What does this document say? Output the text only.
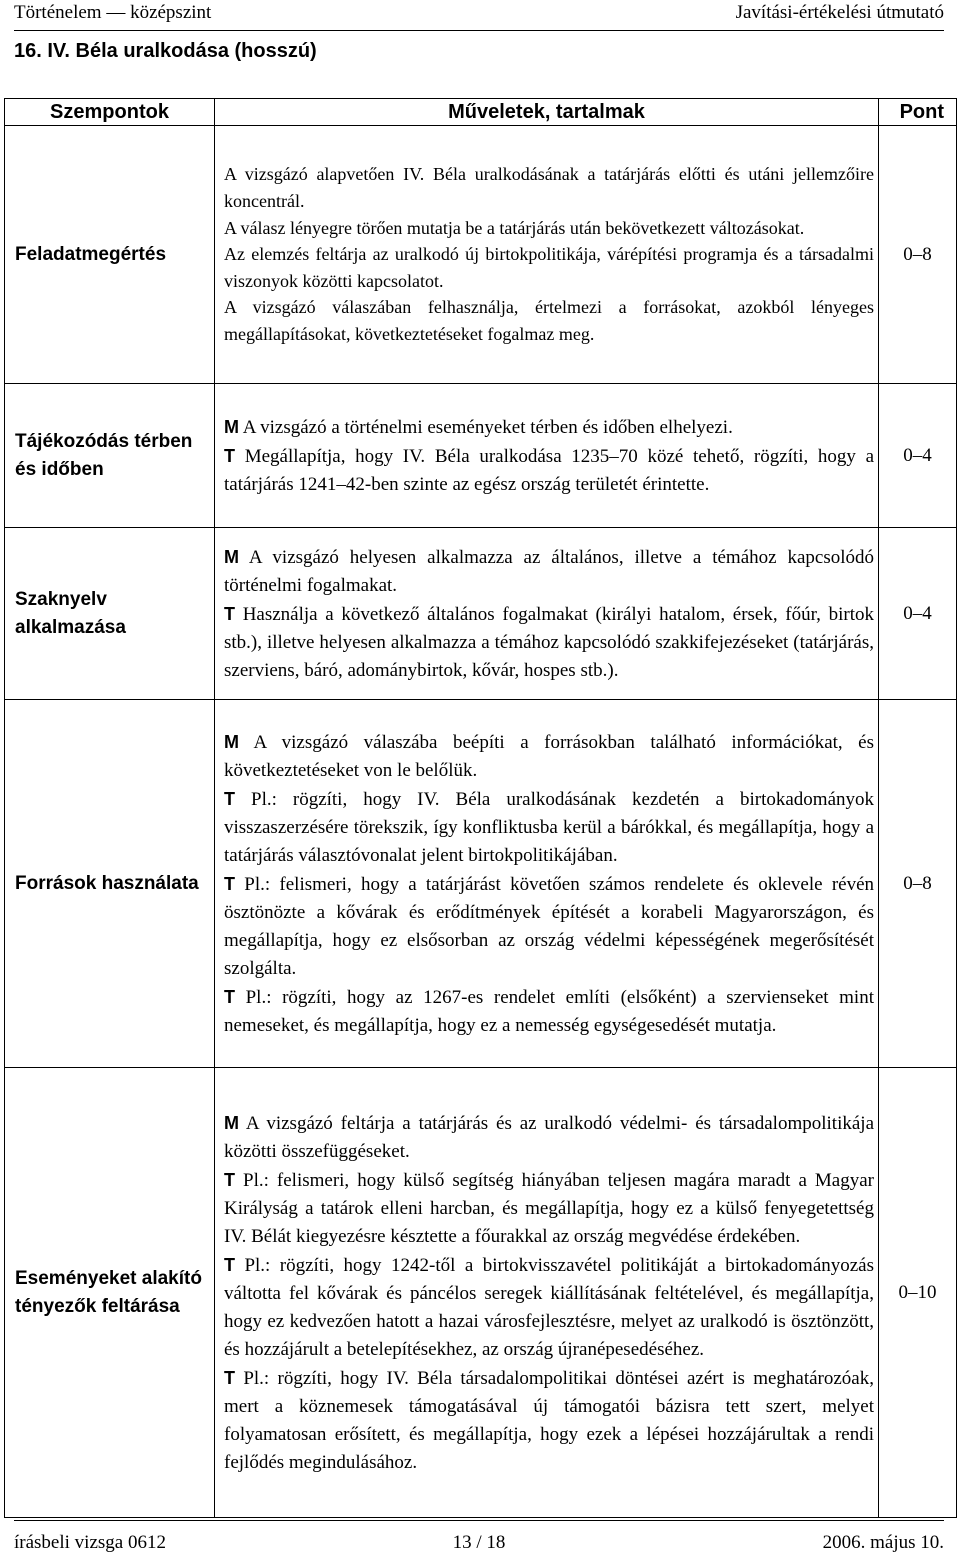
Történelem — középszint	Javítási-értékelési útmutató
16. IV. Béla uralkodása (hosszú)
Szempontok	Műveletek, tartalmak	Pont
Feladatmegértés	A vizsgázó alapvetően IV. Béla uralkodásának a tatárjárás előtti és utáni jellemzőire koncentrál.

A válasz lényegre törően mutatja be a tatárjárás után bekövetkezett változásokat.

Az elemzés feltárja az uralkodó új birtokpolitikája, várépítési programja és a társadalmi viszonyok közötti kapcsolatot.

A vizsgázó válaszában felhasználja, értelmezi a forrásokat, azokból lényeges megállapításokat, következtetéseket fogalmaz meg.	0–8
Tájékozódás térben és időben	M A vizsgázó a történelmi eseményeket térben és időben elhelyezi.

T Megállapítja, hogy IV. Béla uralkodása 1235–70 közé tehető, rögzíti, hogy a tatárjárás 1241–42-ben szinte az egész ország területét érintette.	0–4
Szaknyelv alkalmazása	M A vizsgázó helyesen alkalmazza az általános, illetve a témához kapcsolódó történelmi fogalmakat.

T Használja a következő általános fogalmakat (királyi hatalom, érsek, főúr, birtok stb.), illetve helyesen alkalmazza a témához kapcsolódó szakkifejezéseket (tatárjárás, szerviens, báró, adománybirtok, kővár, hospes stb.).	0–4
Források használata	M A vizsgázó válaszába beépíti a forrásokban található információkat, és következtetéseket von le belőlük.

T Pl.: rögzíti, hogy IV. Béla uralkodásának kezdetén a birtokadományok visszaszerzésére törekszik, így konfliktusba kerül a bárókkal, és megállapítja, hogy a tatárjárás választóvonalat jelent birtokpolitikájában.

T Pl.: felismeri, hogy a tatárjárást követően számos rendelete és oklevele révén ösztönözte a kővárak és erődítmények építését a korabeli Magyarországon, és megállapítja, hogy ez elsősorban az ország védelmi képességének megerősítését szolgálta.

T Pl.: rögzíti, hogy az 1267-es rendelet említi (elsőként) a szervienseket mint nemeseket, és megállapítja, hogy ez a nemesség egységesedését mutatja.	0–8
Eseményeket alakító tényezők feltárása	M A vizsgázó feltárja a tatárjárás és az uralkodó védelmi- és társadalompolitikája közötti összefüggéseket.

T Pl.: felismeri, hogy külső segítség hiányában teljesen magára maradt a Magyar Királyság a tatárok elleni harcban, és megállapítja, hogy ez a külső fenyegetettség IV. Bélát kiegyezésre késztette a főurakkal az ország megvédése érdekében.

T Pl.: rögzíti, hogy 1242-től a birtokvisszavétel politikáját a birtokadományozás váltotta fel kővárak és páncélos seregek kiállításának feltételével, és megállapítja, hogy ez kedvezően hatott a hazai városfejlesztésre, melyet az uralkodó is ösztönzött, és hozzájárult a betelepítésekhez, az ország újranépesedéséhez.

T Pl.: rögzíti, hogy IV. Béla társadalompolitikai döntései azért is meghatározóak, mert a köznemesek támogatásával új támogatói bázisra tett szert, melyet folyamatosan erősített, és megállapítja, hogy ezek a lépései hozzájárultak a rendi fejlődés megindulásához.	0–10
írásbeli vizsga 0612	13 / 18	2006. május 10.
